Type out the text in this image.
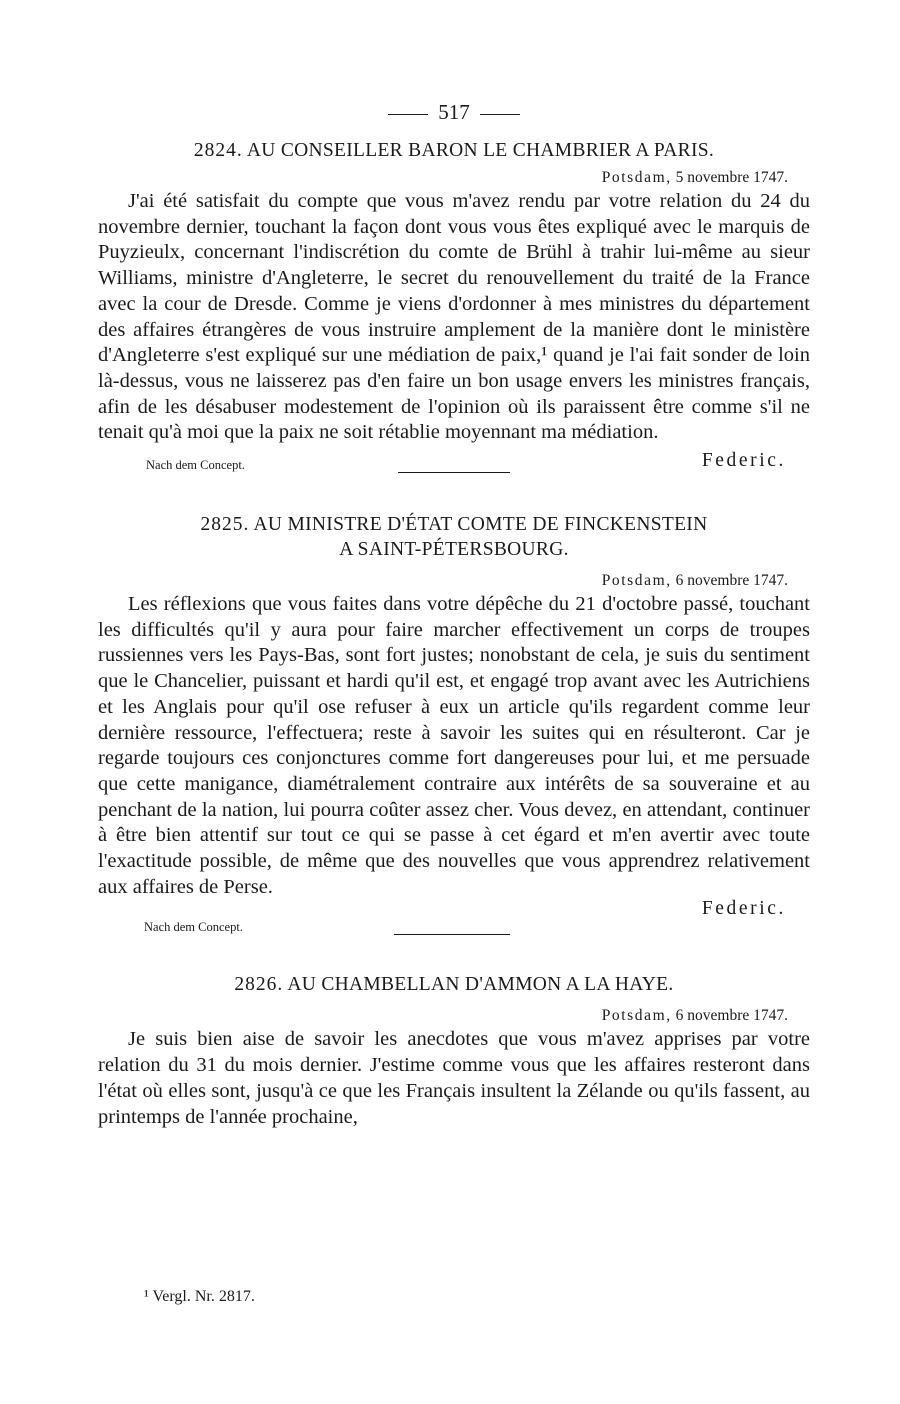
517

2824. AU CONSEILLER BARON LE CHAMBRIER A PARIS.

Potsdam, 5 novembre 1747.

J'ai été satisfait du compte que vous m'avez rendu par votre relation du 24 du novembre dernier, touchant la façon dont vous vous êtes expliqué avec le marquis de Puyzieulx, concernant l'indiscrétion du comte de Brühl à trahir lui-même au sieur Williams, ministre d'Angleterre, le secret du renouvellement du traité de la France avec la cour de Dresde. Comme je viens d'ordonner à mes ministres du département des affaires étrangères de vous instruire amplement de la manière dont le ministère d'Angleterre s'est expliqué sur une médiation de paix,¹ quand je l'ai fait sonder de loin là-dessus, vous ne laisserez pas d'en faire un bon usage envers les ministres français, afin de les désabuser modestement de l'opinion où ils paraissent être comme s'il ne tenait qu'à moi que la paix ne soit rétablie moyennant ma médiation.

Nach dem Concept.	Federic.

2825. AU MINISTRE D'ÉTAT COMTE DE FINCKENSTEIN

A SAINT-PÉTERSBOURG.

Potsdam, 6 novembre 1747.

Les réflexions que vous faites dans votre dépêche du 21 d'octobre passé, touchant les difficultés qu'il y aura pour faire marcher effectivement un corps de troupes russiennes vers les Pays-Bas, sont fort justes; nonobstant de cela, je suis du sentiment que le Chancelier, puissant et hardi qu'il est, et engagé trop avant avec les Autrichiens et les Anglais pour qu'il ose refuser à eux un article qu'ils regardent comme leur dernière ressource, l'effectuera; reste à savoir les suites qui en résulteront. Car je regarde toujours ces conjonctures comme fort dangereuses pour lui, et me persuade que cette manigance, diamétralement contraire aux intérêts de sa souveraine et au penchant de la nation, lui pourra coûter assez cher. Vous devez, en attendant, continuer à être bien attentif sur tout ce qui se passe à cet égard et m'en avertir avec toute l'exactitude possible, de même que des nouvelles que vous apprendrez relativement aux affaires de Perse.

Federic.
Nach dem Concept.

2826. AU CHAMBELLAN D'AMMON A LA HAYE.

Potsdam, 6 novembre 1747.

Je suis bien aise de savoir les anecdotes que vous m'avez apprises par votre relation du 31 du mois dernier. J'estime comme vous que les affaires resteront dans l'état où elles sont, jusqu'à ce que les Français insultent la Zélande ou qu'ils fassent, au printemps de l'année prochaine,

¹ Vergl. Nr. 2817.
